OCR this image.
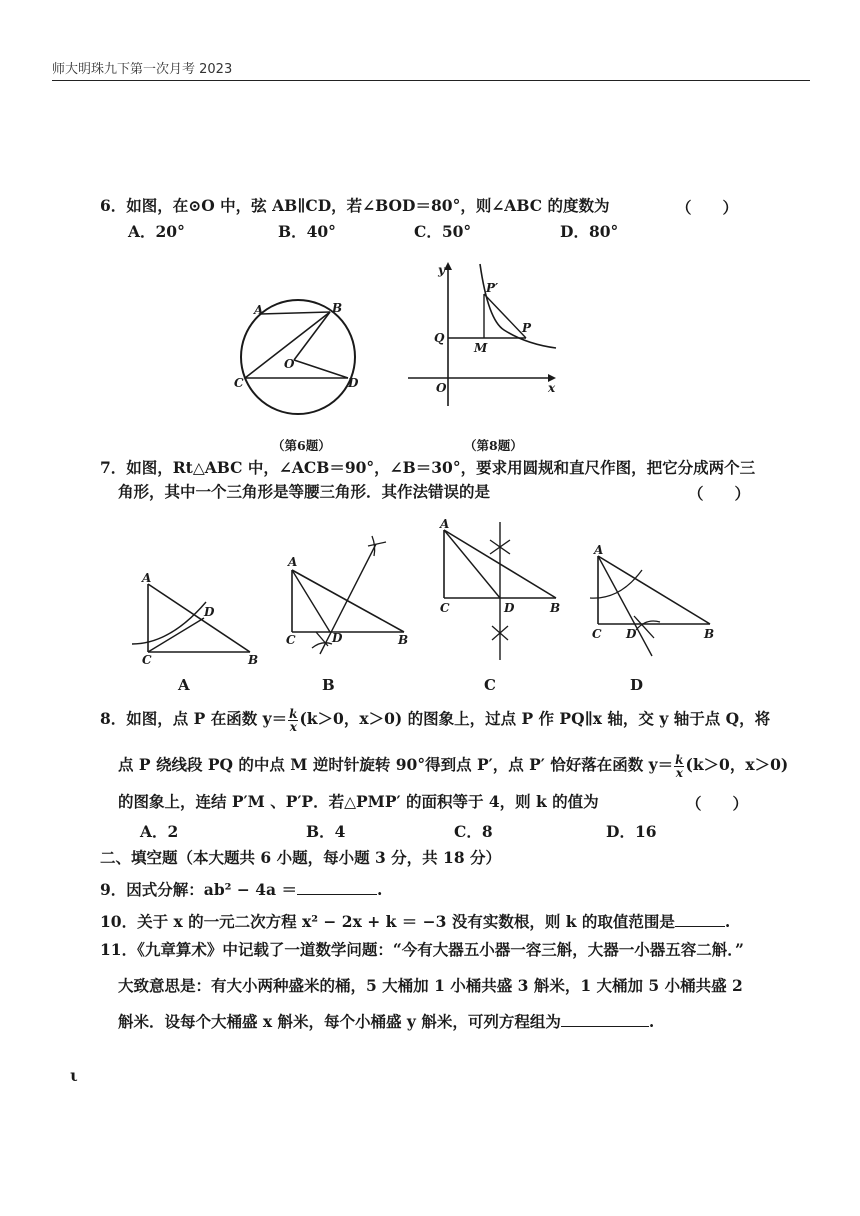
师大明珠九下第一次月考 2023
6．如图，在⊙O 中，弦 AB∥CD，若∠BOD＝80°，则∠ABC 的度数为	（　　）
A．20°	B．40°	C．50°	D．80°
A	B
C	D
O
（第6题）
y
x
O
Q
M
P
P′
（第8题）
7．如图，Rt△ABC 中，∠ACB＝90°，∠B＝30°，要求用圆规和直尺作图，把它分成两个三
角形，其中一个三角形是等腰三角形．其作法错误的是	（　　）
A
D
C	B
A
A
C	D	B
B
A
C	D	B
C
A
C D	B
D
8．如图，点 P 在函数 $y= \frac{k}{x} (k>0$，x＞0) 的图象上，过点 P 作 PQ∥x 轴，交 y 轴于点 Q，将
点 P 绕线段 PQ 的中点 M 逆时针旋转 90°得到点 P′，点 P′ 恰好落在函数 $y= \frac{k}{x} (k>0$，x＞0)
的图象上，连结 P′M 、P′P．若△PMP′ 的面积等于 4，则 k 的值为	（　　）
A．2	B．4	C．8	D．16
二、填空题（本大题共 6 小题，每小题 3 分，共 18 分）
9．因式分解：ab² − 4a ＝	.
10．关于 x 的一元二次方程 x² − 2x + k ＝ −3 没有实数根，则 k 的取值范围是	.
11．《九章算术》中记载了一道数学问题：“今有大器五小器一容三斛，大器一小器五容二斛．”
大致意思是：有大小两种盛米的桶，5 大桶加 1 小桶共盛 3 斛米，1 大桶加 5 小桶共盛 2
斛米．设每个大桶盛 x 斛米，每个小桶盛 y 斛米，可列方程组为	.
ι
